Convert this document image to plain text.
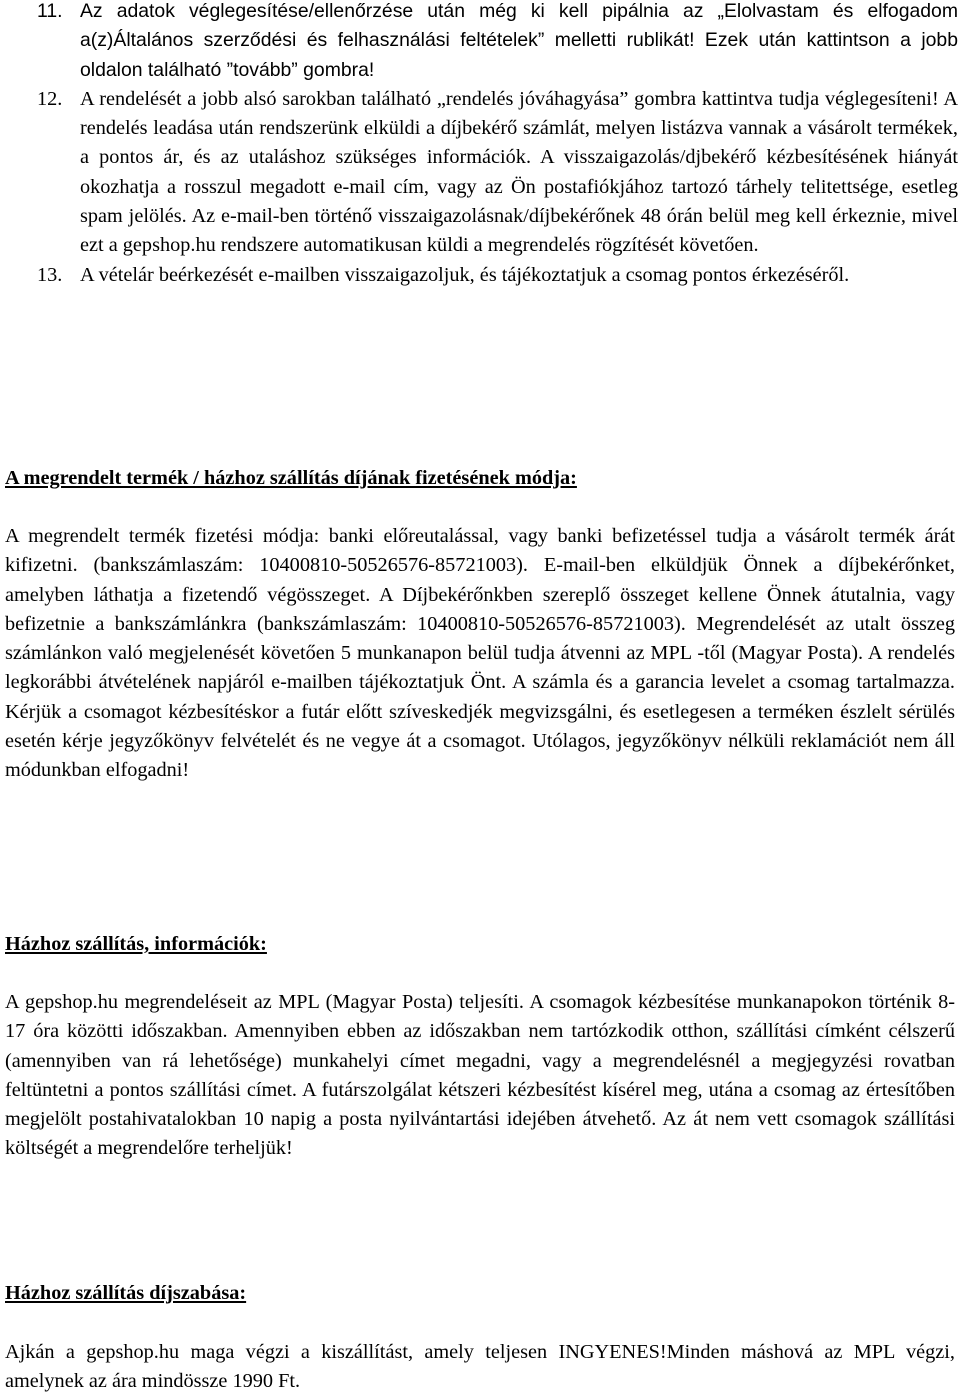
11. Az adatok véglegesítése/ellenőrzése után még ki kell pipálnia az „Elolvastam és elfogadom a(z)Általános szerződési és felhasználási feltételek” melletti rublikát! Ezek után kattintson a jobb oldalon található ”tovább” gombra!
12. A rendelését a jobb alsó sarokban található „rendelés jóváhagyása” gombra kattintva tudja véglegesíteni! A rendelés leadása után rendszerünk elküldi a díjbekérő számlát, melyen listázva vannak a vásárolt termékek, a pontos ár, és az utaláshoz szükséges információk. A visszaigazolás/djbekérő kézbesítésének hiányát okozhatja a rosszul megadott e-mail cím, vagy az Ön postafiókjához tartozó tárhely telitettsége, esetleg spam jelölés. Az e-mail-ben történő visszaigazolásnak/díjbekérőnek 48 órán belül meg kell érkeznie, mivel ezt a gepshop.hu rendszere automatikusan küldi a megrendelés rögzítését követően.
13. A vételár beérkezését e-mailben visszaigazoljuk, és tájékoztatjuk a csomag pontos érkezéséről.
A megrendelt termék / házhoz szállítás díjának fizetésének módja:

A megrendelt termék fizetési módja: banki előreutalással, vagy banki befizetéssel tudja a vásárolt termék árát kifizetni. (bankszámlaszám: 10400810-50526576-85721003). E-mail-ben elküldjük Önnek a díjbekérőnket, amelyben láthatja a fizetendő végösszeget. A Díjbekérőnkben szereplő összeget kellene Önnek átutalnia, vagy befizetnie a bankszámlánkra (bankszámlaszám: 10400810-50526576-85721003). Megrendelését az utalt összeg számlánkon való megjelenését követően 5 munkanapon belül tudja átvenni az MPL -től (Magyar Posta). A rendelés legkorábbi átvételének napjáról e-mailben tájékoztatjuk Önt. A számla és a garancia levelet a csomag tartalmazza. Kérjük a csomagot kézbesítéskor a futár előtt szíveskedjék megvizsgálni, és esetlegesen a terméken észlelt sérülés esetén kérje jegyzőkönyv felvételét és ne vegye át a csomagot. Utólagos, jegyzőkönyv nélküli reklamációt nem áll módunkban elfogadni!

Házhoz szállítás, információk:

A gepshop.hu megrendeléseit az MPL (Magyar Posta) teljesíti. A csomagok kézbesítése munkanapokon történik 8-17 óra közötti időszakban. Amennyiben ebben az időszakban nem tartózkodik otthon, szállítási címként célszerű (amennyiben van rá lehetősége) munkahelyi címet megadni, vagy a megrendelésnél a megjegyzési rovatban feltüntetni a pontos szállítási címet. A futárszolgálat kétszeri kézbesítést kísérel meg, utána a csomag az értesítőben megjelölt postahivatalokban 10 napig a posta nyilvántartási idejében átvehető. Az át nem vett csomagok szállítási költségét a megrendelőre terheljük!

Házhoz szállítás díjszabása:

Ajkán a gepshop.hu maga végzi a kiszállítást, amely teljesen INGYENES!Minden máshová az MPL végzi, amelynek az ára mindössze 1990 Ft.
